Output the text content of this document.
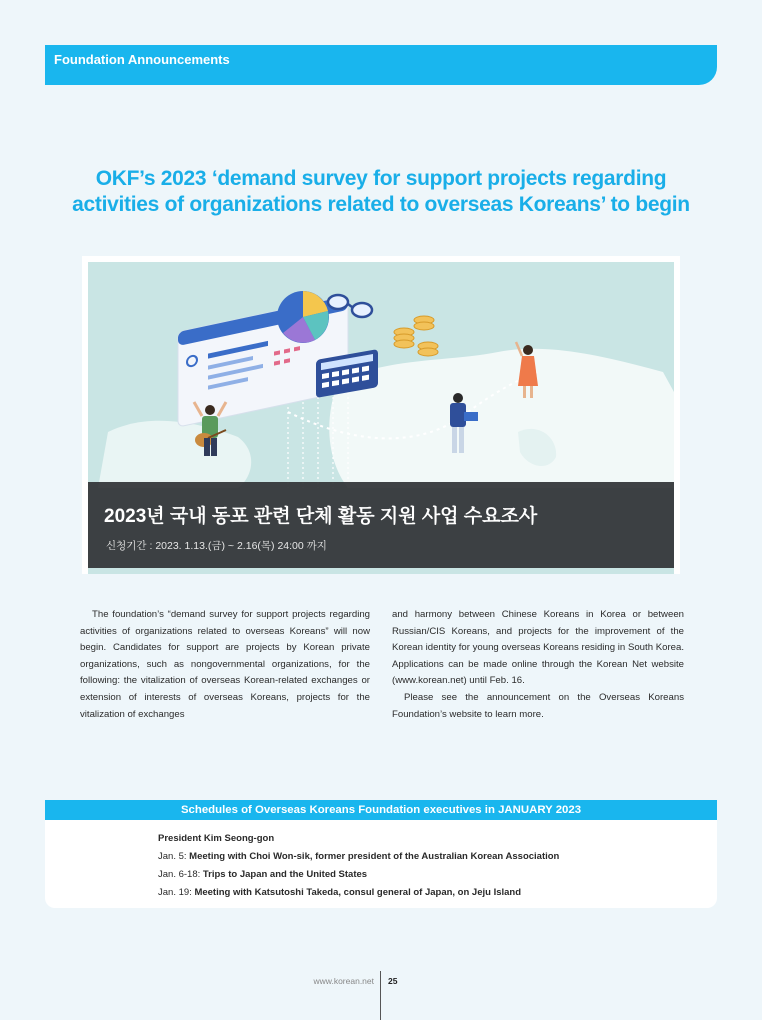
Foundation Announcements
OKF’s 2023 ‘demand survey for support projects regarding
activities of organizations related to overseas Koreans’ to begin
2023년 국내 동포 관련 단체 활동 지원 사업 수요조사
신청기간 : 2023. 1.13.(금) ~ 2.16(목) 24:00 까지

The foundation’s “demand survey for support projects regarding activities of organizations related to overseas Koreans” will now begin. Candidates for support are projects by Korean private organizations, such as nongovernmental organizations, for the following: the vitalization of overseas Korean-related exchanges or extension of interests of overseas Koreans, projects for the vitalization of exchanges

and harmony between Chinese Koreans in Korea or between Russian/CIS Koreans, and projects for the improvement of the Korean identity for young overseas Koreans residing in South Korea. Applications can be made online through the Korean Net website (www.korean.net) until Feb. 16.

Please see the announcement on the Overseas Koreans Foundation’s website to learn more.

Schedules of Overseas Koreans Foundation executives in JANUARY 2023
President Kim Seong-gon
Jan. 5: Meeting with Choi Won-sik, former president of the Australian Korean Association
Jan. 6-18: Trips to Japan and the United States
Jan. 19: Meeting with Katsutoshi Takeda, consul general of Japan, on Jeju Island
www.korean.net 25
